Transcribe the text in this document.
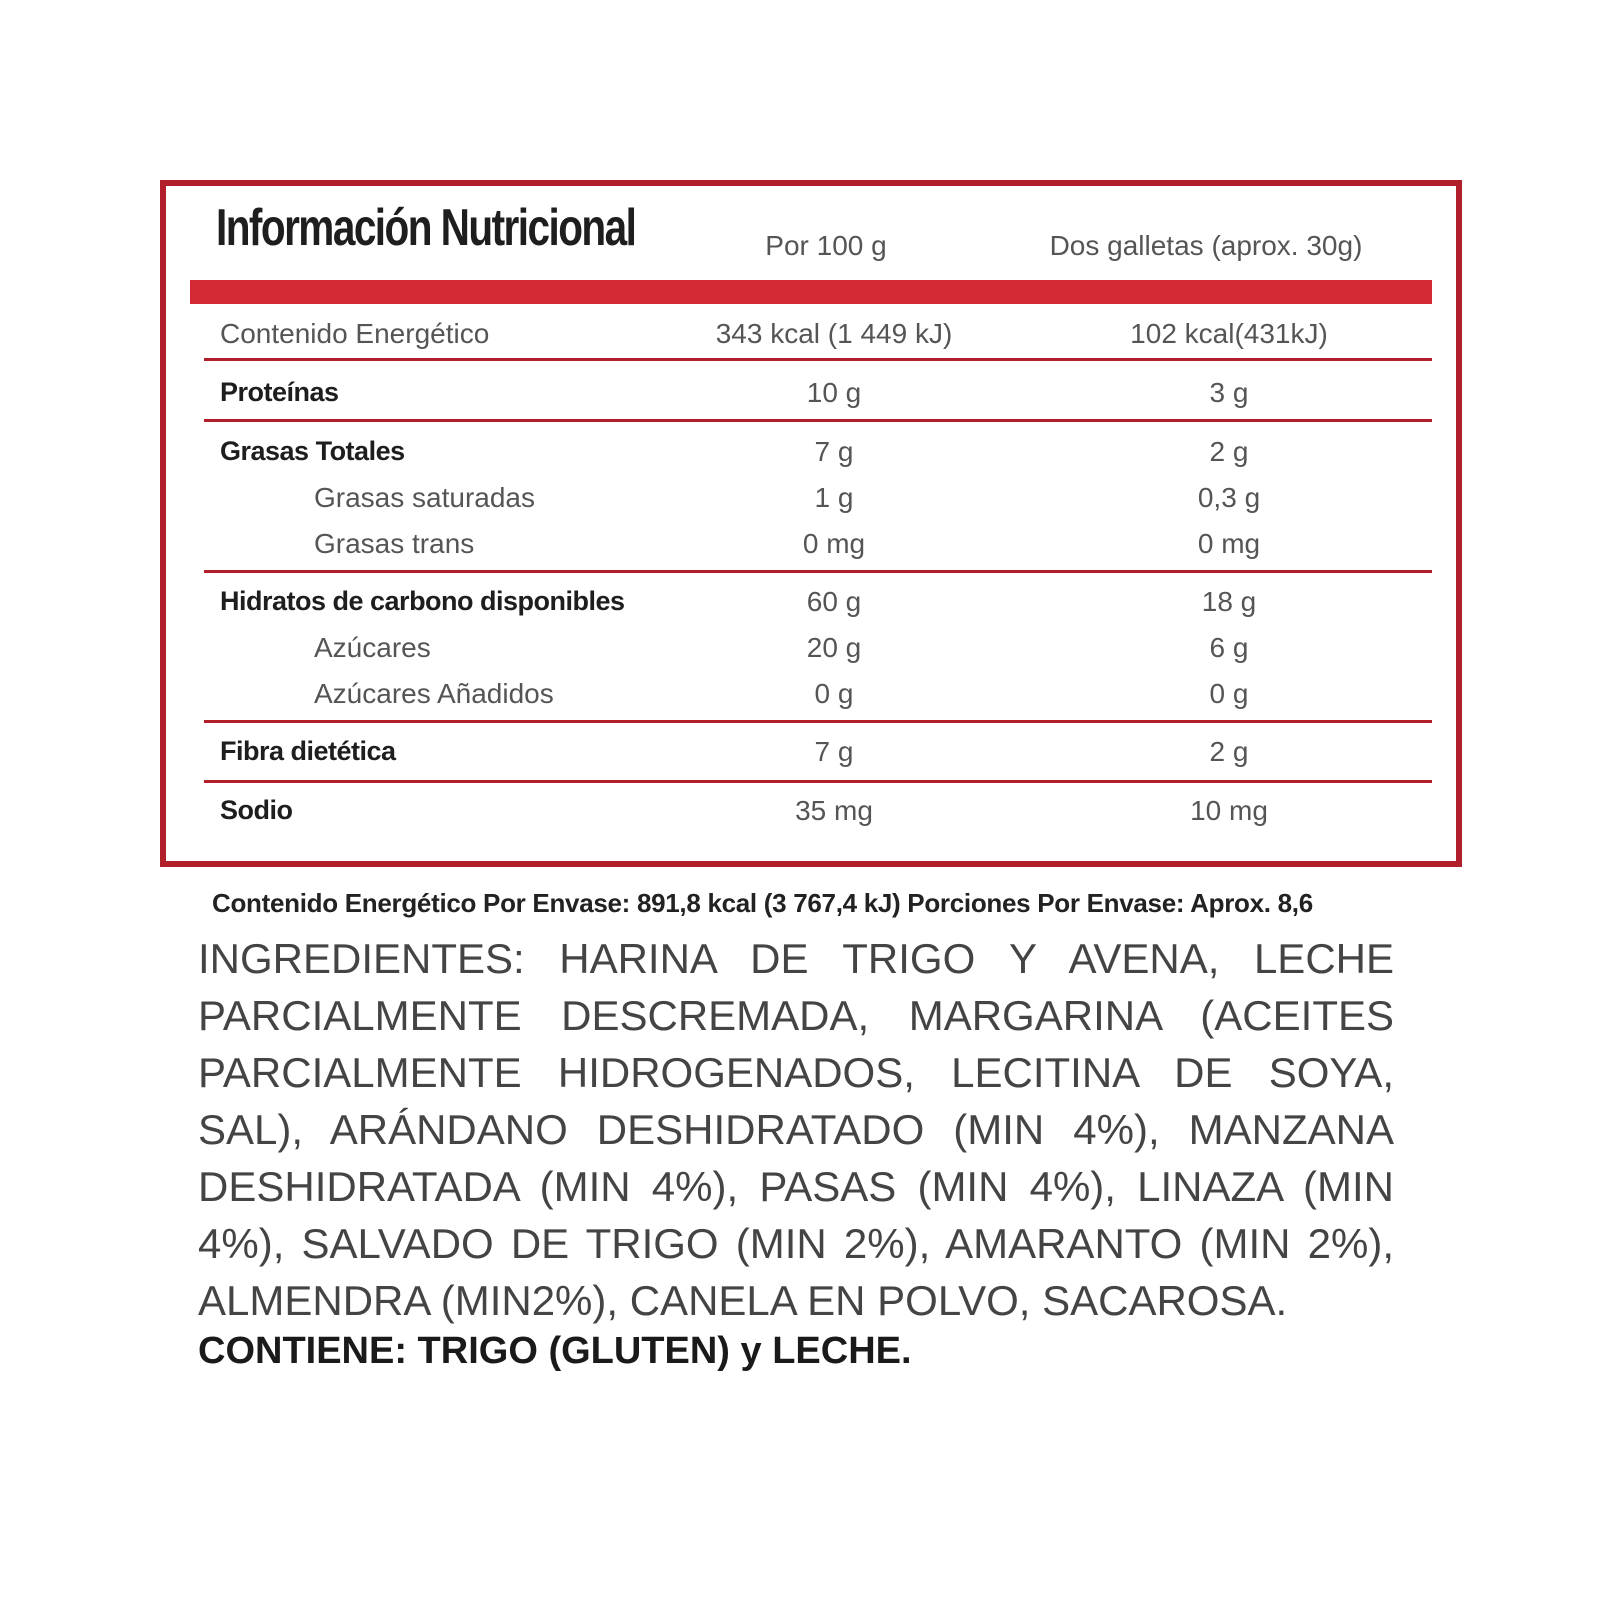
Información Nutricional	Por 100 g	Dos galletas (aprox. 30g)
Contenido Energético	343 kcal (1 449 kJ)	102 kcal(431kJ)
Proteínas	10 g	3 g
Grasas Totales	7 g	2 g
Grasas saturadas	1 g	0,3 g
Grasas trans	0 mg	0 mg
Hidratos de carbono disponibles	60 g	18 g
Azúcares	20 g	6 g
Azúcares Añadidos	0 g	0 g
Fibra dietética	7 g	2 g
Sodio	35 mg	10 mg
Contenido Energético Por Envase: 891,8 kcal (3 767,4 kJ) Porciones Por Envase: Aprox. 8,6
INGREDIENTES: HARINA DE TRIGO Y AVENA, LECHE PARCIALMENTE DESCREMADA, MARGARINA (ACEITES PARCIALMENTE HIDROGENADOS, LECITINA DE SOYA, SAL), ARÁNDANO DESHIDRATADO (MIN 4%), MANZANA DESHIDRATADA (MIN 4%), PASAS (MIN 4%), LINAZA (MIN 4%), SALVADO DE TRIGO (MIN 2%), AMARANTO (MIN 2%), ALMENDRA (MIN2%), CANELA EN POLVO, SACAROSA.
CONTIENE: TRIGO (GLUTEN) y LECHE.
